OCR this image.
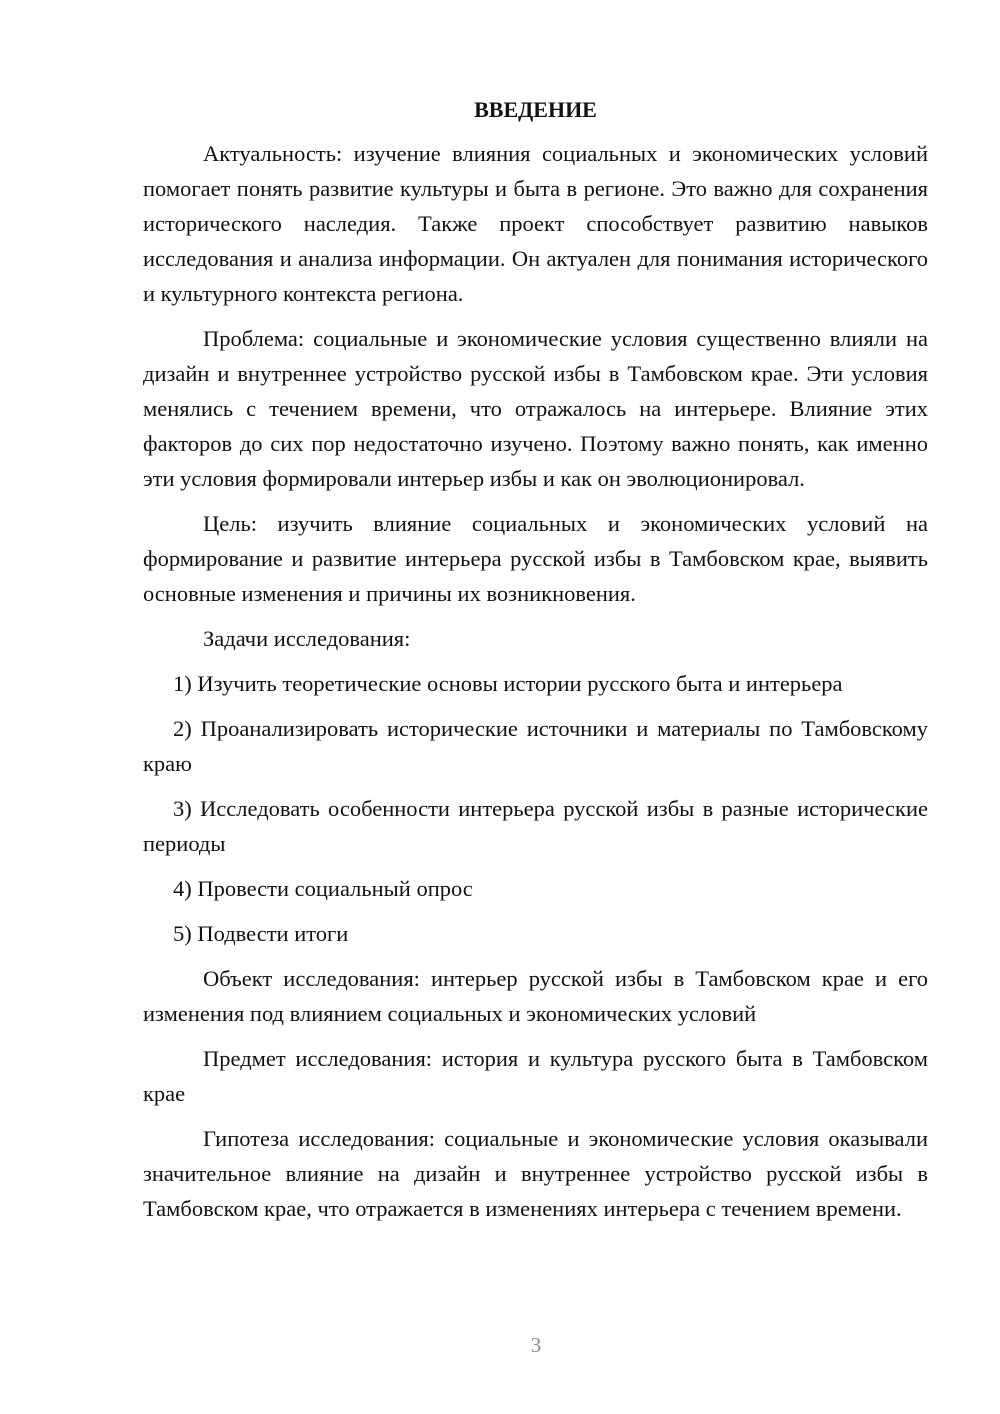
ВВЕДЕНИЕ

Актуальность: изучение влияния социальных и экономических условий помогает понять развитие культуры и быта в регионе. Это важно для сохранения исторического наследия. Также проект способствует развитию навыков исследования и анализа информации. Он актуален для понимания исторического и культурного контекста региона.

Проблема: социальные и экономические условия существенно влияли на дизайн и внутреннее устройство русской избы в Тамбовском крае. Эти условия менялись с течением времени, что отражалось на интерьере. Влияние этих факторов до сих пор недостаточно изучено. Поэтому важно понять, как именно эти условия формировали интерьер избы и как он эволюционировал.

Цель: изучить влияние социальных и экономических условий на формирование и развитие интерьера русской избы в Тамбовском крае, выявить основные изменения и причины их возникновения.

Задачи исследования:

1) Изучить теоретические основы истории русского быта и интерьера

2) Проанализировать исторические источники и материалы по Тамбовскому краю

3) Исследовать особенности интерьера русской избы в разные исторические периоды

4) Провести социальный опрос

5) Подвести итоги

Объект исследования: интерьер русской избы в Тамбовском крае и его изменения под влиянием социальных и экономических условий

Предмет исследования: история и культура русского быта в Тамбовском крае

Гипотеза исследования: социальные и экономические условия оказывали значительное влияние на дизайн и внутреннее устройство русской избы в Тамбовском крае, что отражается в изменениях интерьера с течением времени.

3
